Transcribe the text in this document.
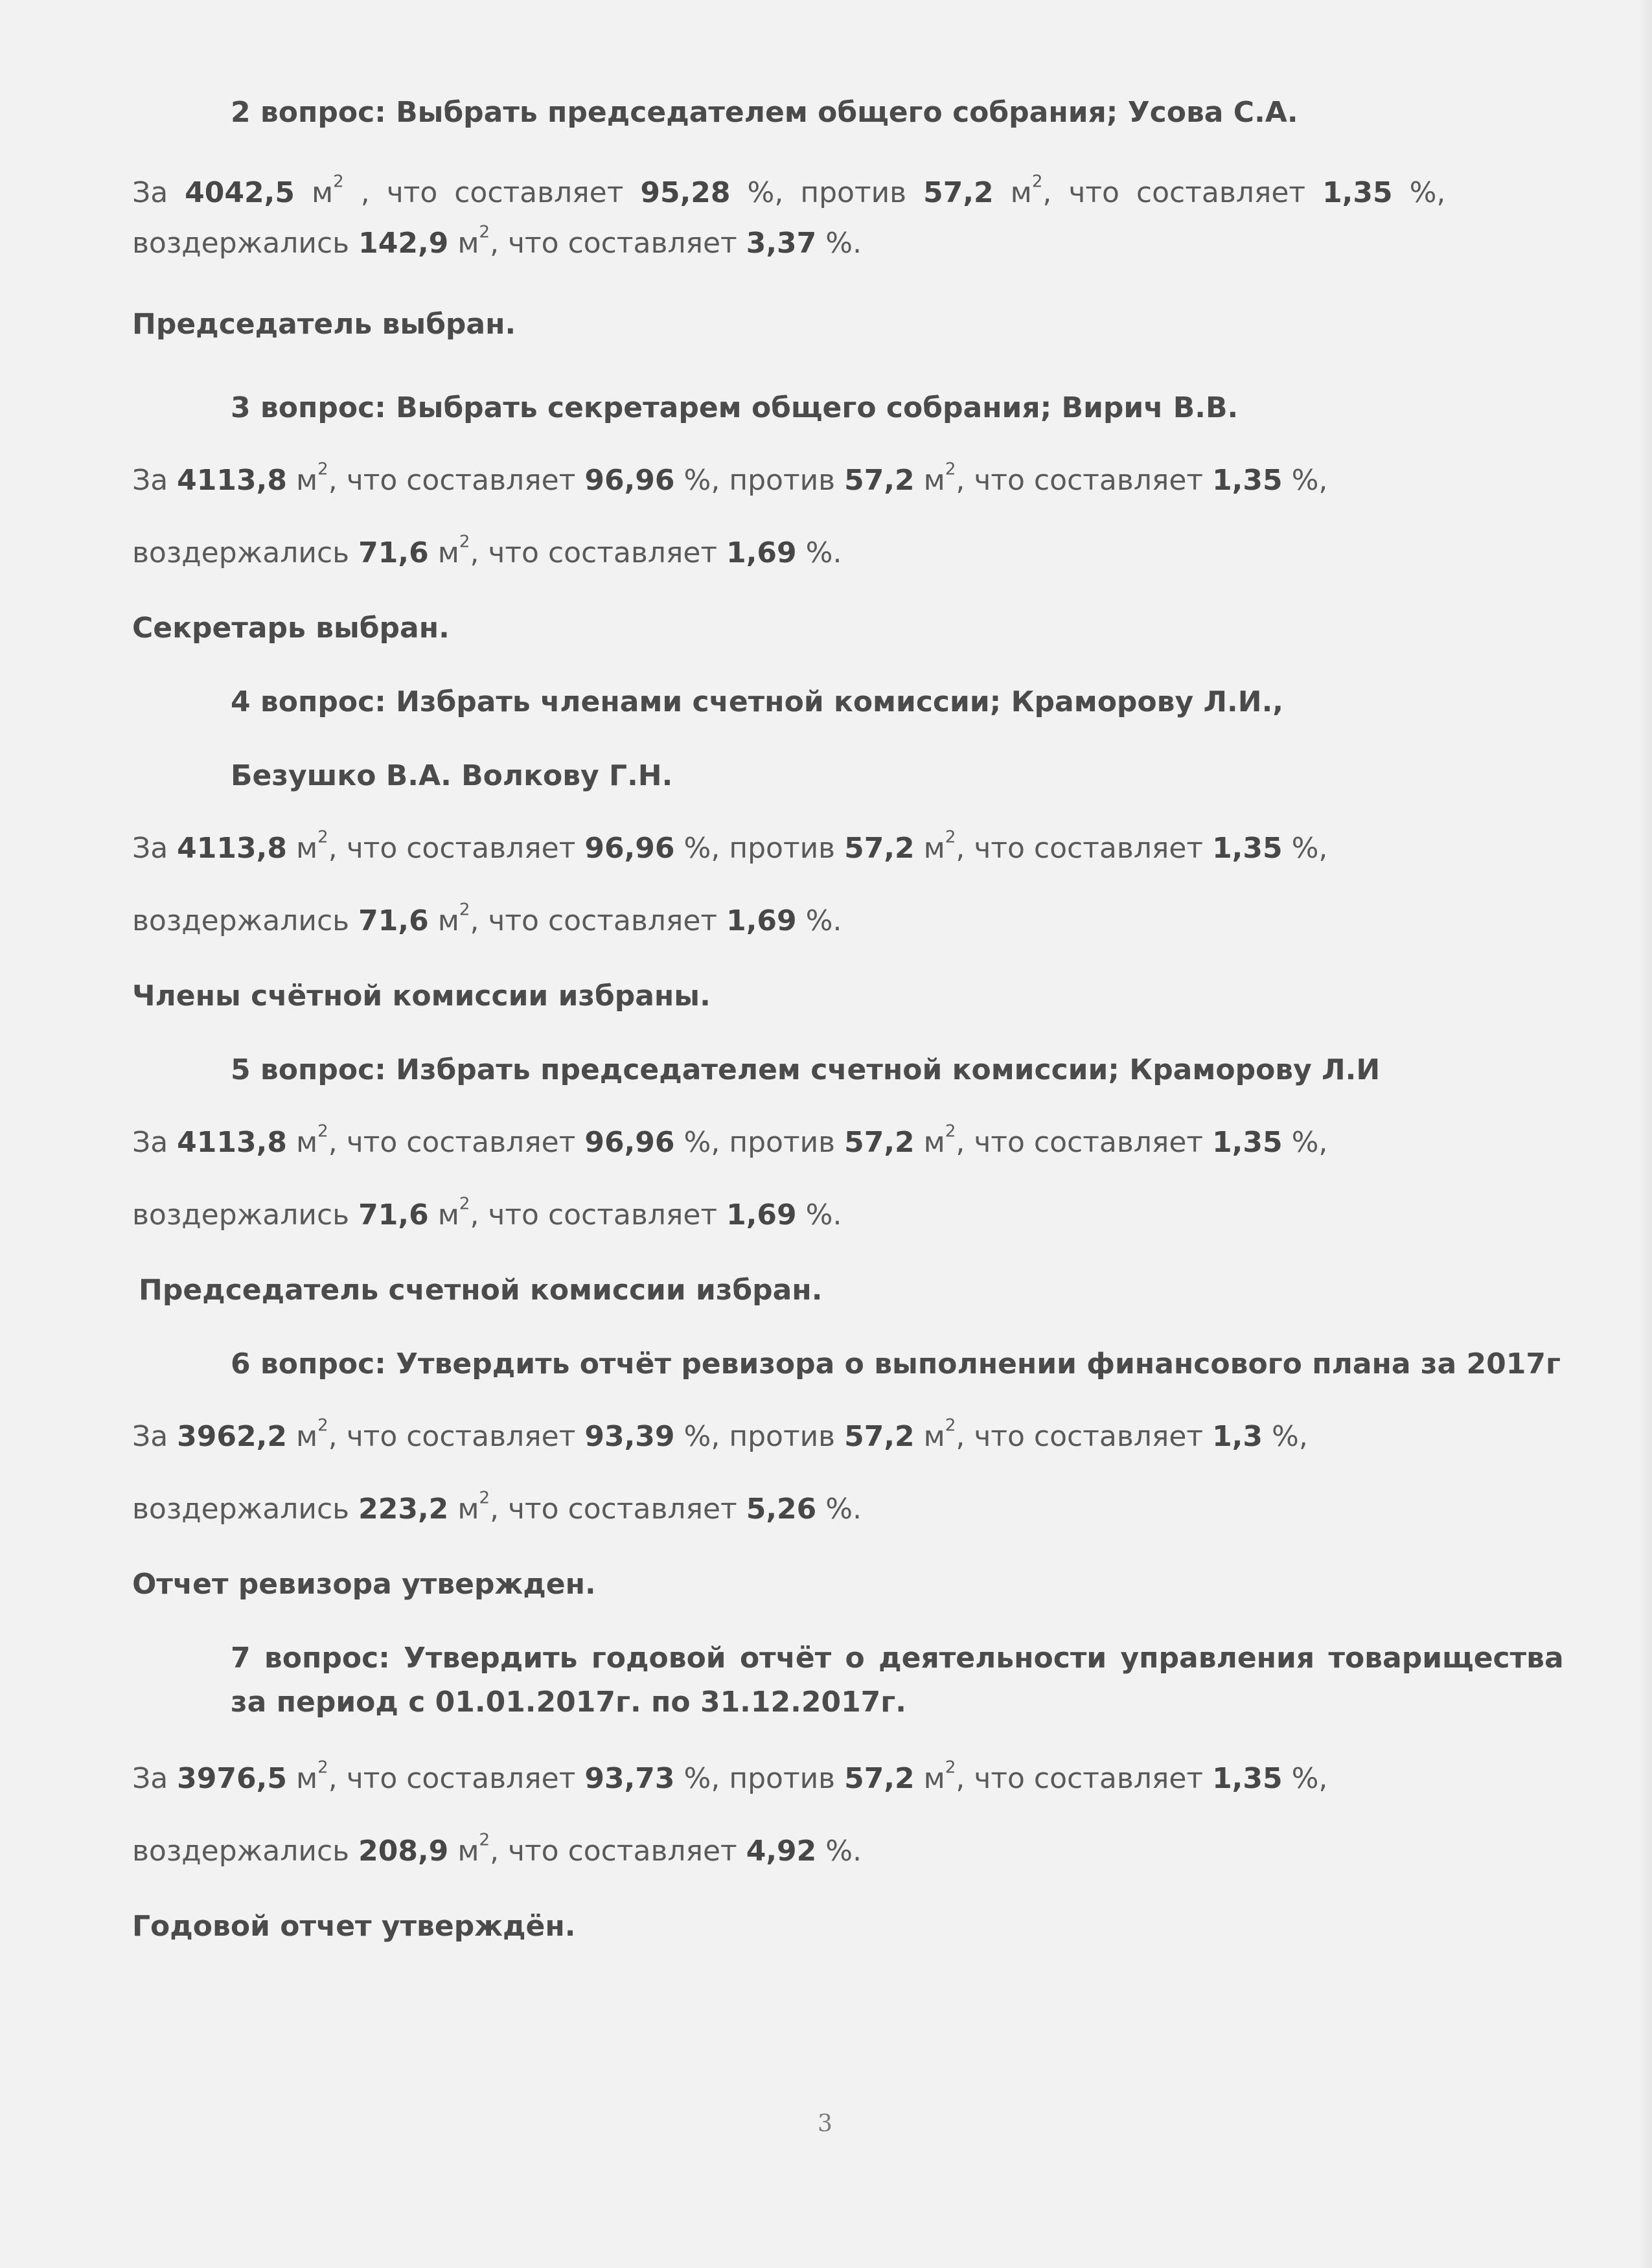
2 вопрос: Выбрать председателем общего собрания; Усова С.А.
За 4042,5 $м^2$ , что составляет 95,28 %, против 57,2 $м^2$, что составляет 1,35 %,
воздержались 142,9 $м^2$, что составляет 3,37 %.
Председатель выбран.
3 вопрос: Выбрать секретарем общего собрания; Вирич В.В.
За 4113,8 $м^2$, что составляет 96,96 %, против 57,2 $м^2$, что составляет 1,35 %,
воздержались 71,6 $м^2$, что составляет 1,69 %.
Секретарь выбран.
4 вопрос: Избрать членами счетной комиссии; Краморову Л.И.,
Безушко В.А. Волкову Г.Н.
За 4113,8 $м^2$, что составляет 96,96 %, против 57,2 $м^2$, что составляет 1,35 %,
воздержались 71,6 $м^2$, что составляет 1,69 %.
Члены счётной комиссии избраны.
5 вопрос: Избрать председателем счетной комиссии; Краморову Л.И
За 4113,8 $м^2$, что составляет 96,96 %, против 57,2 $м^2$, что составляет 1,35 %,
воздержались 71,6 $м^2$, что составляет 1,69 %.
Председатель счетной комиссии избран.
6 вопрос: Утвердить отчёт ревизора о выполнении финансового плана за 2017г
За 3962,2 $м^2$, что составляет 93,39 %, против 57,2 $м^2$, что составляет 1,3 %,
воздержались 223,2 $м^2$, что составляет 5,26 %.
Отчет ревизора утвержден.
7 вопрос: Утвердить годовой отчёт о деятельности управления товарищества
за период с 01.01.2017г. по 31.12.2017г.
За 3976,5 $м^2$, что составляет 93,73 %, против 57,2 $м^2$, что составляет 1,35 %,
воздержались 208,9 $м^2$, что составляет 4,92 %.
Годовой отчет утверждён.
3
